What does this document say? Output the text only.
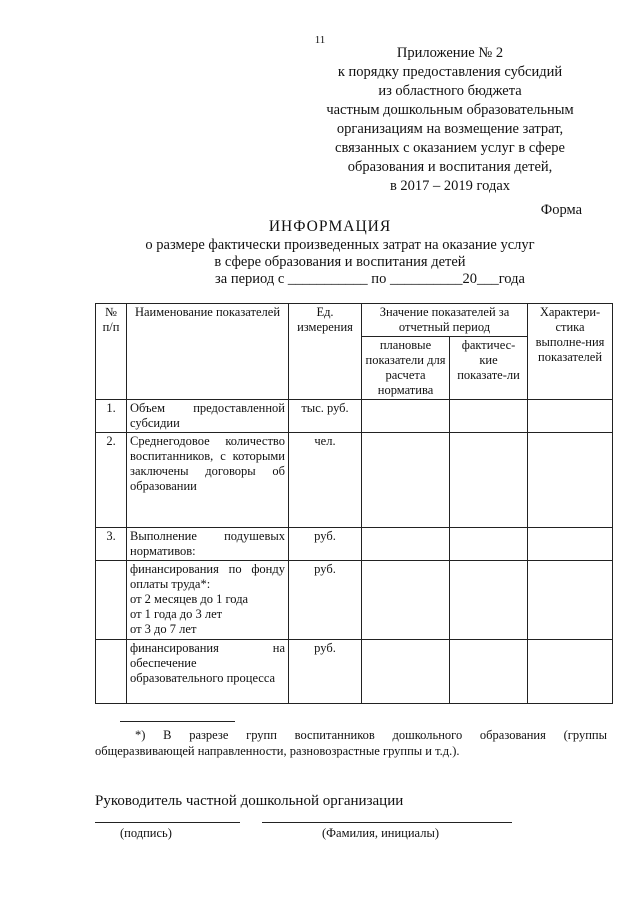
11
Приложение № 2
к порядку предоставления субсидий
из областного бюджета
частным дошкольным образовательным
организациям на возмещение затрат,
связанных с оказанием услуг в сфере
образования и воспитания детей,
в 2017 – 2019 годах
Форма
ИНФОРМАЦИЯ
о размере фактически произведенных затрат на оказание услуг
в сфере образования и воспитания детей
за период с ___________ по __________20___года
№ п/п	Наименование показателей	Ед. измерения	Значение показателей за отчетный период		Характери-стика выполне-ния показателей
			плановые показатели для расчета норматива	фактичес-кие показате-ли	
1.	Объем предоставленной субсидии	тыс. руб.			
2.	Среднегодовое количество воспитанников, с которыми заключены договоры об образовании	чел.			
3.	Выполнение подушевых нормативов:	руб.			

	финансирования по фонду оплаты труда*:
от 2 месяцев до 1 года
от 1 года до 3 лет
от 3 до 7 лет	руб.			
	финансирования на обеспечение образовательного процесса	руб.			
*) В разрезе групп воспитанников дошкольного образования (группы общеразвивающей направленности, разновозрастные группы и т.д.).
Руководитель частной дошкольной организации
(подпись)	(Фамилия, инициалы)
